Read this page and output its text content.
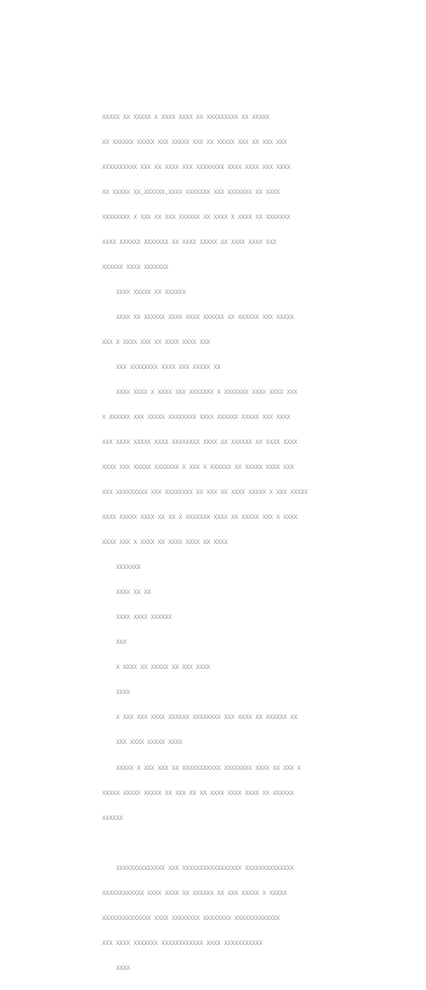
XXXXX XX XXXXX X XXXX XXXX XX XXXXXXXXX XX XXXXX

XX XXXXXX XXXXX XXX XXXXX XXX XX XXXXX XXX XX XXX XXX

XXXXXXXXXX XXX XX XXXX XXX XXXXXXXX XXXX XXXX XXX XXXX

XX XXXXX XX,XXXXXX,XXXX XXXXXXX XXX XXXXXXX XX XXXX

XXXXXXXX X XXX XX XXX XXXXXX XX XXXX X XXXX XX XXXXXXX

XXXX XXXXXX XXXXXXX XX XXXX XXXXX XX XXXX XXXX XXX

XXXXXX XXXX XXXXXXX

XXXX XXXXX XX XXXXXX

XXXX XX XXXXXX XXXX XXXX XXXXXX XX XXXXXX XXX XXXXX

XXX X XXXX XXX XX XXXX XXXX XXX

XXX XXXXXXXX XXXX XXX XXXXX XX

XXXX XXXX X XXXX XXX XXXXXXX X XXXXXXX XXXX XXXX XXX

X XXXXXX XXX XXXXX XXXXXXXX XXXX XXXXXX XXXXX XXX XXXX

XXX XXXX XXXXX XXXX XXXXXXXX XXXX XX XXXXXX XX XXXX XXXX

XXXX XXX XXXXX XXXXXXX X XXX X XXXXXX XX XXXXX XXXX XXX

XXX XXXXXXXXX XXX XXXXXXXX XX XXX XX XXXX XXXXX X XXX XXXXX

XXXX XXXXX XXXX XX XX X XXXXXXX XXXX XX XXXXX XXX X XXXX

XXXX XXX X XXXX XX XXXX XXXX XX XXXX

XXXXXXX

XXXX XX XX

XXXX XXXX XXXXXX

XXX

X XXXX XX XXXXX XX XXX XXXX

XXXX

X XXX XXX XXXX XXXXXX XXXXXXXX XXX XXXX XX XXXXXX XX

XXX XXXX XXXXX XXXX

XXXXX X XXX XXX XX XXXXXXXXXXX XXXXXXXX XXXX XX XXX X

XXXXX XXXXX XXXXX XX XXX XX XX XXXX XXXX XXXX XX XXXXXX

XXXXXX

XXXXXXXXXXXXXX XXX XXXXXXXXXXXXXXXXX XXXXXXXXXXXXXX

XXXXXXXXXXXX XXXX XXXX XX XXXXXX XX XXX XXXXX X XXXXX

XXXXXXXXXXXXXX XXXX XXXXXXXX XXXXXXXX XXXXXXXXXXXXX

XXX XXXX XXXXXXX XXXXXXXXXXXX XXXX XXXXXXXXXXX

XXXX
